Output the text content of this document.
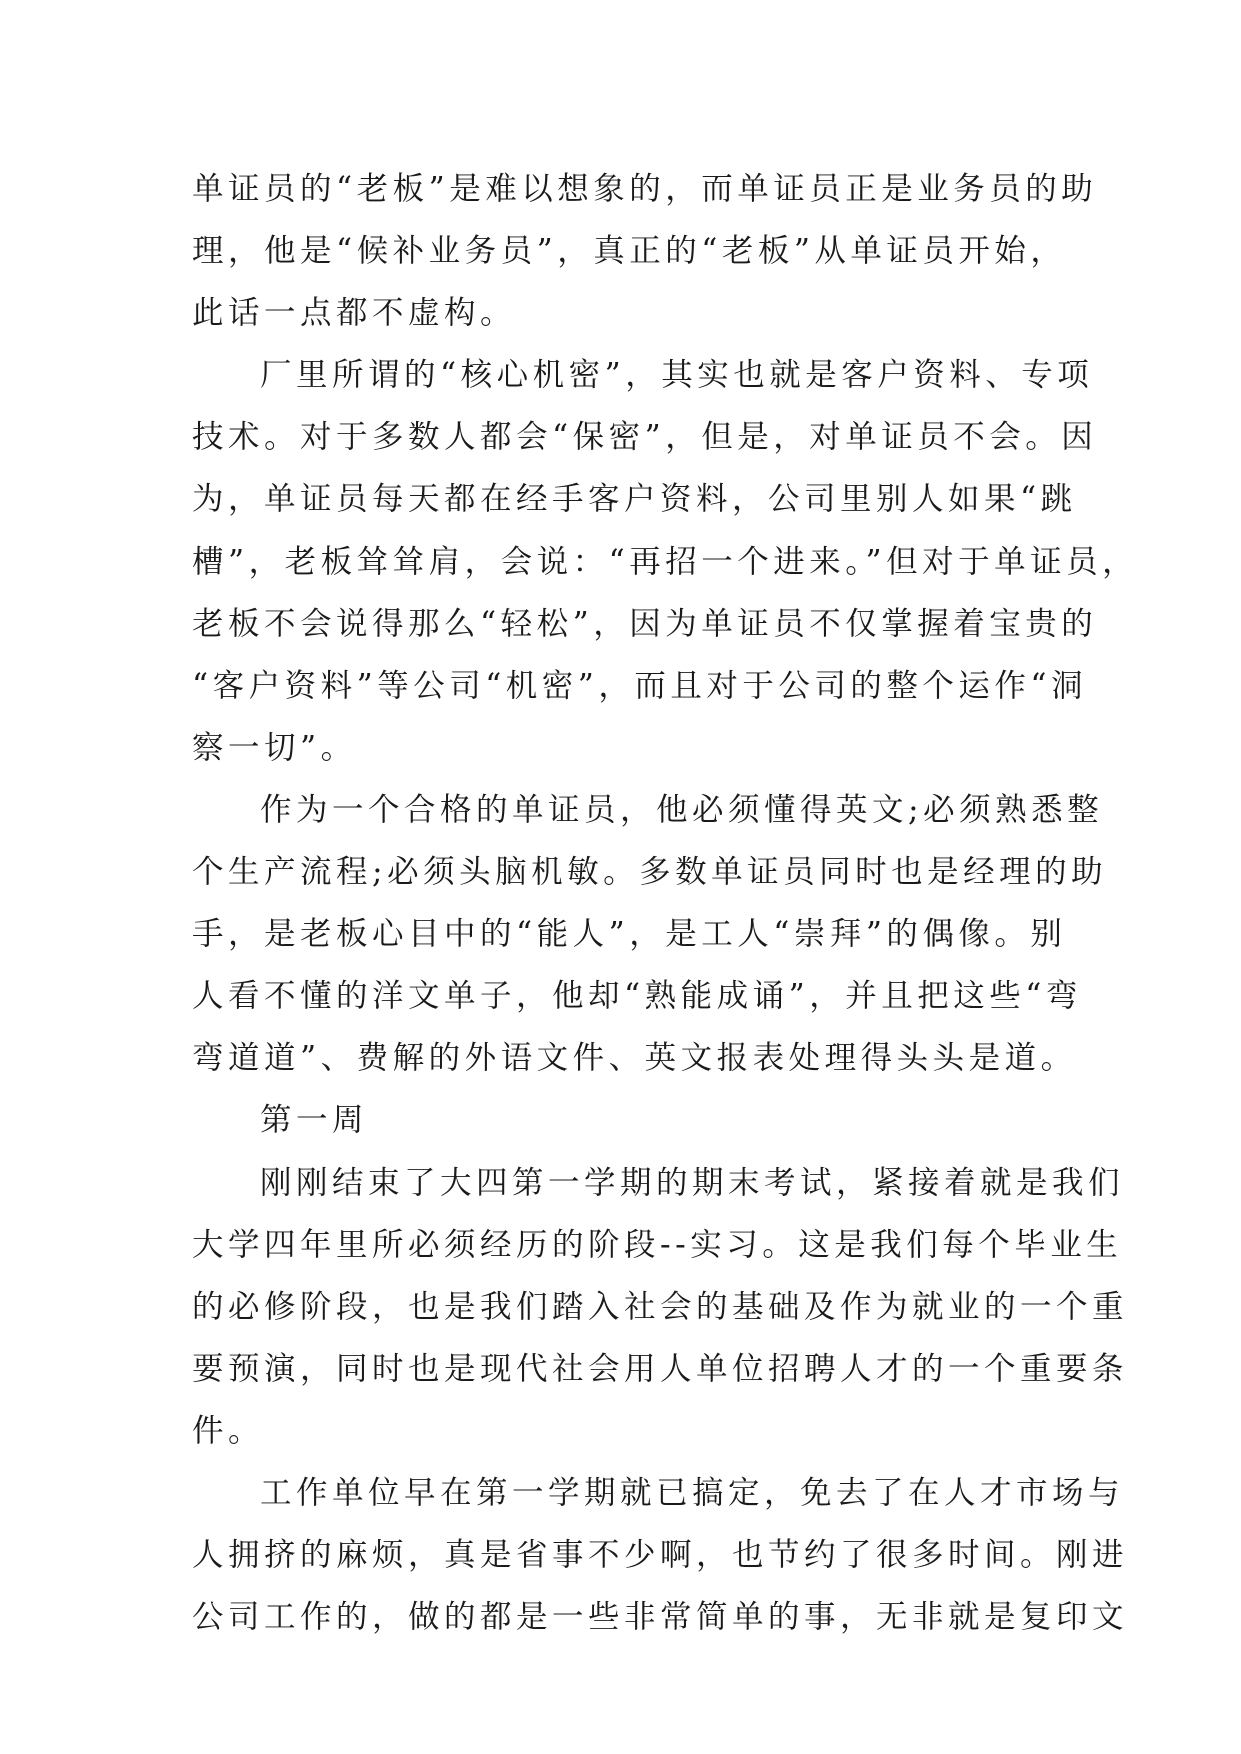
单证员的“老板”是难以想象的，而单证员正是业务员的助
理，他是“候补业务员”，真正的“老板”从单证员开始，
此话一点都不虚构。
厂里所谓的“核心机密”，其实也就是客户资料、专项
技术。对于多数人都会“保密”，但是，对单证员不会。因
为，单证员每天都在经手客户资料，公司里别人如果“跳
槽”，老板耸耸肩，会说：“再招一个进来。”但对于单证员，
老板不会说得那么“轻松”，因为单证员不仅掌握着宝贵的
“客户资料”等公司“机密”，而且对于公司的整个运作“洞
察一切”。
作为一个合格的单证员，他必须懂得英文;必须熟悉整
个生产流程;必须头脑机敏。多数单证员同时也是经理的助
手，是老板心目中的“能人”，是工人“崇拜”的偶像。别
人看不懂的洋文单子，他却“熟能成诵”，并且把这些“弯
弯道道”、费解的外语文件、英文报表处理得头头是道。
第一周
刚刚结束了大四第一学期的期末考试，紧接着就是我们
大学四年里所必须经历的阶段--实习。这是我们每个毕业生
的必修阶段，也是我们踏入社会的基础及作为就业的一个重
要预演，同时也是现代社会用人单位招聘人才的一个重要条
件。
工作单位早在第一学期就已搞定，免去了在人才市场与
人拥挤的麻烦，真是省事不少啊，也节约了很多时间。刚进
公司工作的，做的都是一些非常简单的事，无非就是复印文
